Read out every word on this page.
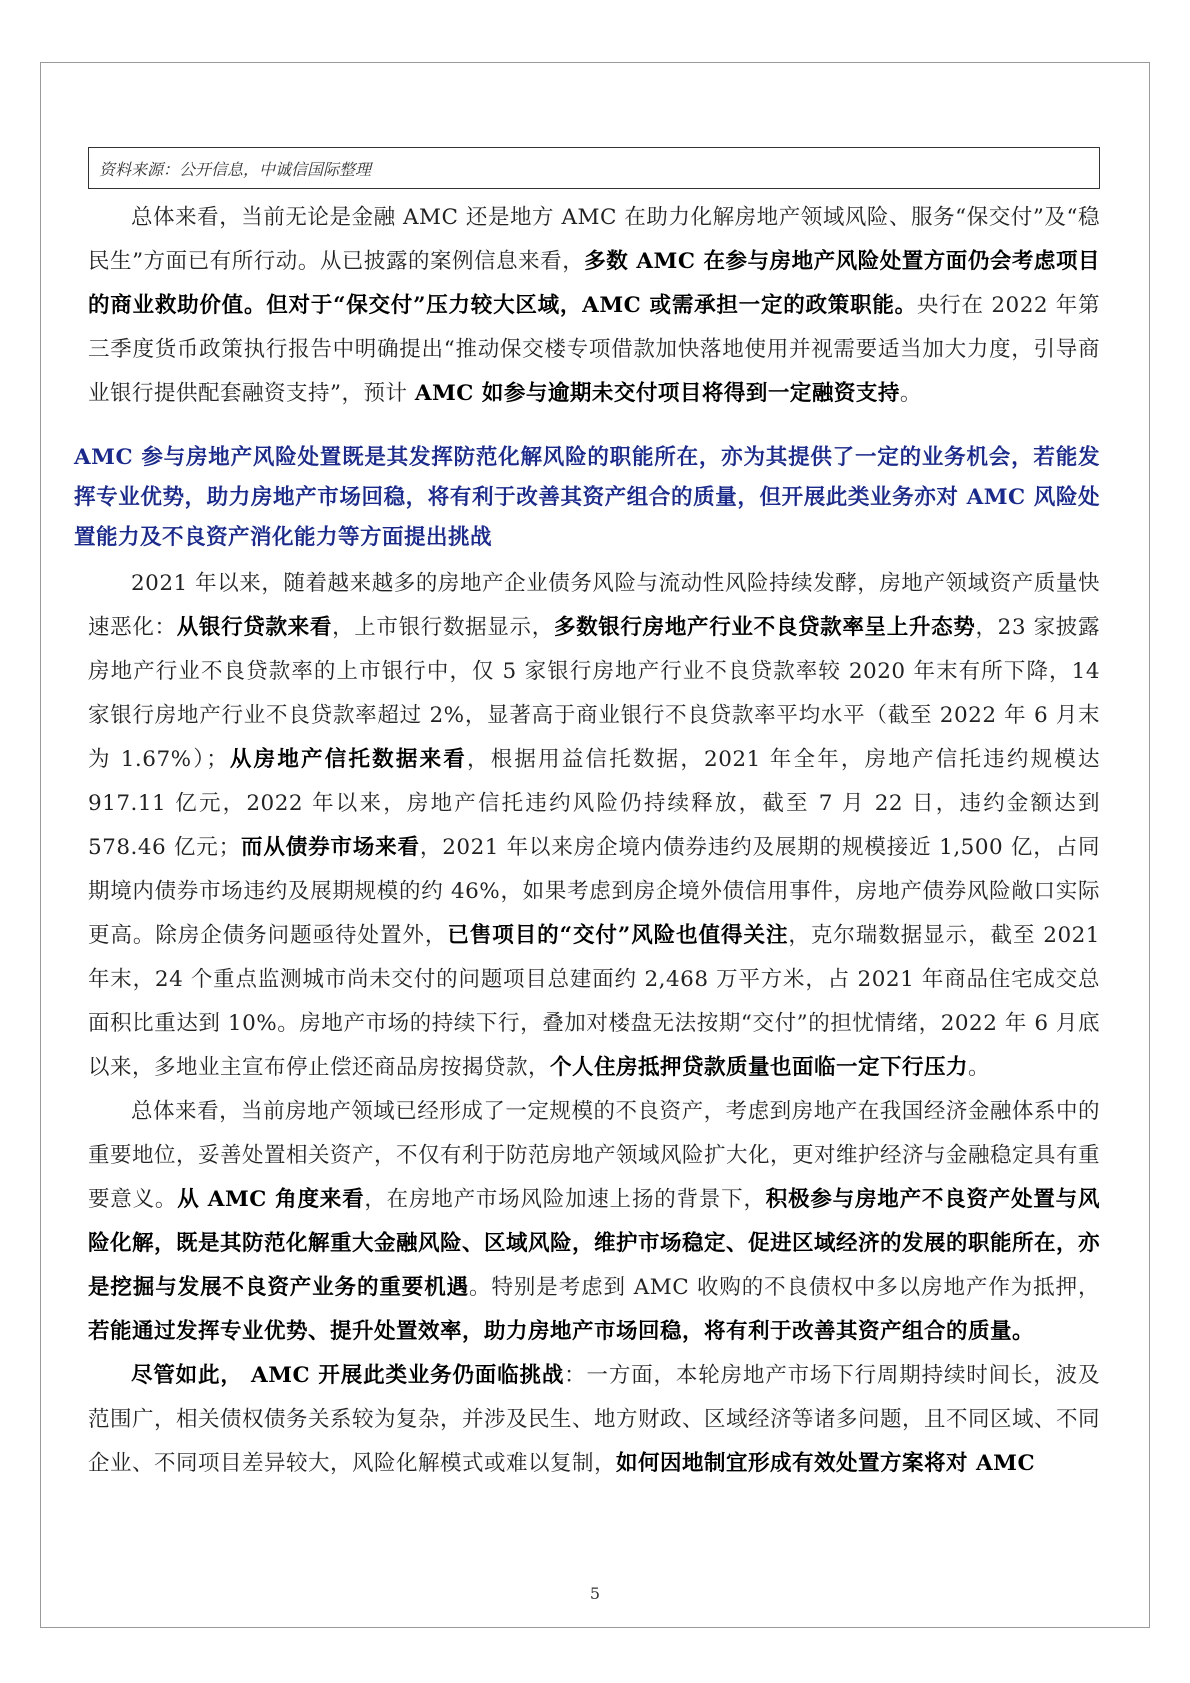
资料来源：公开信息，中诚信国际整理

总体来看，当前无论是金融 AMC 还是地方 AMC 在助力化解房地产领域风险、服务“保交付”及“稳民生”方面已有所行动。从已披露的案例信息来看，多数 AMC 在参与房地产风险处置方面仍会考虑项目的商业救助价值。但对于“保交付”压力较大区域，AMC 或需承担一定的政策职能。央行在 2022 年第三季度货币政策执行报告中明确提出“推动保交楼专项借款加快落地使用并视需要适当加大力度，引导商业银行提供配套融资支持”，预计 AMC 如参与逾期未交付项目将得到一定融资支持。

AMC 参与房地产风险处置既是其发挥防范化解风险的职能所在，亦为其提供了一定的业务机会，若能发挥专业优势，助力房地产市场回稳，将有利于改善其资产组合的质量，但开展此类业务亦对 AMC 风险处置能力及不良资产消化能力等方面提出挑战

2021 年以来，随着越来越多的房地产企业债务风险与流动性风险持续发酵，房地产领域资产质量快速恶化：从银行贷款来看，上市银行数据显示，多数银行房地产行业不良贷款率呈上升态势，23 家披露房地产行业不良贷款率的上市银行中，仅 5 家银行房地产行业不良贷款率较 2020 年末有所下降，14 家银行房地产行业不良贷款率超过 2%，显著高于商业银行不良贷款率平均水平（截至 2022 年 6 月末为 1.67%）；从房地产信托数据来看，根据用益信托数据，2021 年全年，房地产信托违约规模达 917.11 亿元，2022 年以来，房地产信托违约风险仍持续释放，截至 7 月 22 日，违约金额达到 578.46 亿元；而从债券市场来看，2021 年以来房企境内债券违约及展期的规模接近 1,500 亿，占同期境内债券市场违约及展期规模的约 46%，如果考虑到房企境外债信用事件，房地产债券风险敞口实际更高。除房企债务问题亟待处置外，已售项目的“交付”风险也值得关注，克尔瑞数据显示，截至 2021 年末，24 个重点监测城市尚未交付的问题项目总建面约 2,468 万平方米，占 2021 年商品住宅成交总面积比重达到 10%。房地产市场的持续下行，叠加对楼盘无法按期“交付”的担忧情绪，2022 年 6 月底以来，多地业主宣布停止偿还商品房按揭贷款，个人住房抵押贷款质量也面临一定下行压力。

总体来看，当前房地产领域已经形成了一定规模的不良资产，考虑到房地产在我国经济金融体系中的重要地位，妥善处置相关资产，不仅有利于防范房地产领域风险扩大化，更对维护经济与金融稳定具有重要意义。从 AMC 角度来看，在房地产市场风险加速上扬的背景下，积极参与房地产不良资产处置与风险化解，既是其防范化解重大金融风险、区域风险，维护市场稳定、促进区域经济的发展的职能所在，亦是挖掘与发展不良资产业务的重要机遇。特别是考虑到 AMC 收购的不良债权中多以房地产作为抵押，若能通过发挥专业优势、提升处置效率，助力房地产市场回稳，将有利于改善其资产组合的质量。

尽管如此， AMC 开展此类业务仍面临挑战：一方面，本轮房地产市场下行周期持续时间长，波及范围广，相关债权债务关系较为复杂，并涉及民生、地方财政、区域经济等诸多问题，且不同区域、不同企业、不同项目差异较大，风险化解模式或难以复制，如何因地制宜形成有效处置方案将对 AMC

5
